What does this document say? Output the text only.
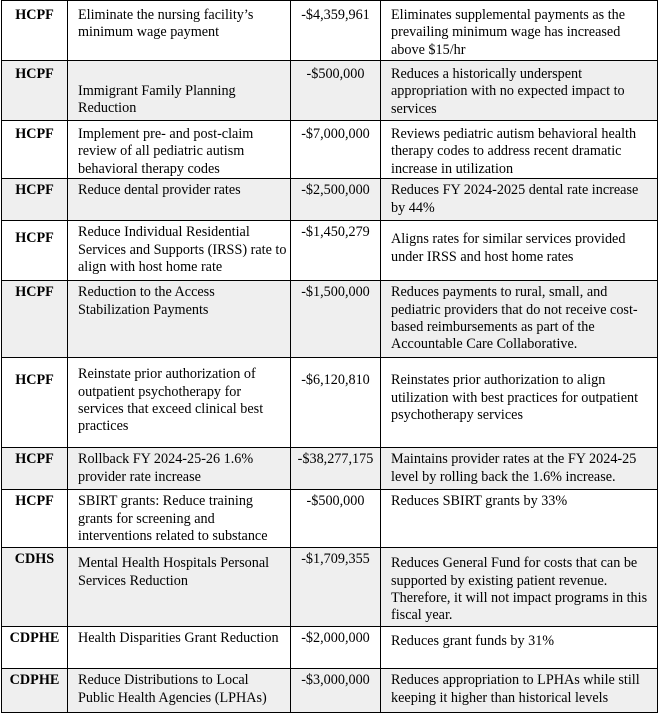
HCPF	Eliminate the nursing facility’s minimum wage payment	-$4,359,961	Eliminates supplemental payments as the prevailing minimum wage has increased above $15/hr
HCPF	Immigrant Family Planning Reduction	-$500,000	Reduces a historically underspent appropriation with no expected impact to services
HCPF	Implement pre- and post-claim review of all pediatric autism behavioral therapy codes	-$7,000,000	Reviews pediatric autism behavioral health therapy codes to address recent dramatic increase in utilization
HCPF	Reduce dental provider rates	-$2,500,000	Reduces FY 2024-2025 dental rate increase by 44%
HCPF	Reduce Individual Residential Services and Supports (IRSS) rate to align with host home rate	-$1,450,279	Aligns rates for similar services provided under IRSS and host home rates
HCPF	Reduction to the Access Stabilization Payments	-$1,500,000	Reduces payments to rural, small, and pediatric providers that do not receive cost-based reimbursements as part of the Accountable Care Collaborative.
HCPF	Reinstate prior authorization of outpatient psychotherapy for services that exceed clinical best practices	-$6,120,810	Reinstates prior authorization to align utilization with best practices for outpatient psychotherapy services
HCPF	Rollback FY 2024-25-26 1.6% provider rate increase	-$38,277,175	Maintains provider rates at the FY 2024-25 level by rolling back the 1.6% increase.
HCPF	SBIRT grants: Reduce training grants for screening and interventions related to substance	-$500,000	Reduces SBIRT grants by 33%
CDHS	Mental Health Hospitals Personal Services Reduction	-$1,709,355	Reduces General Fund for costs that can be supported by existing patient revenue. Therefore, it will not impact programs in this fiscal year.
CDPHE	Health Disparities Grant Reduction	-$2,000,000	Reduces grant funds by 31%
CDPHE	Reduce Distributions to Local Public Health Agencies (LPHAs)	-$3,000,000	Reduces appropriation to LPHAs while still keeping it higher than historical levels
